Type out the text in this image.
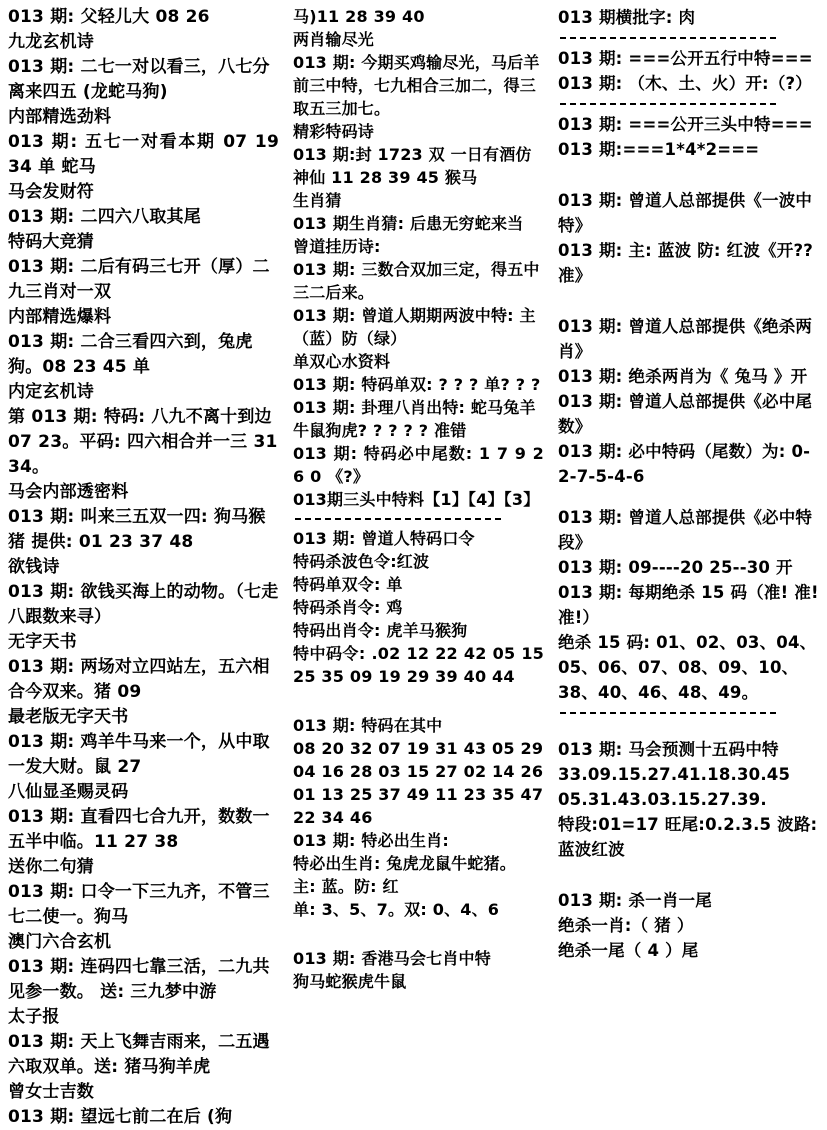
013 期: 父轻儿大 08 26
九龙玄机诗
013 期: 二七一对以看三，八七分离来四五 (龙蛇马狗)
内部精选劲料
013 期: 五七一对看本期 07 19 34 单 蛇马
马会发财符
013 期: 二四六八取其尾
特码大竞猜
013 期: 二后有码三七开（厚）二九三肖对一双
内部精选爆料
013 期: 二合三看四六到，兔虎狗。08 23 45 单
内定玄机诗
第 013 期: 特码: 八九不离十到边 07 23。平码: 四六相合并一三 31 34。
马会内部透密料
013 期: 叫来三五双一四: 狗马猴 猪 提供: 01 23 37 48
欲钱诗
013 期: 欲钱买海上的动物。（七走八跟数来寻）
无字天书
013 期: 两场对立四站左，五六相合今双来。猪 09
最老版无字天书
013 期: 鸡羊牛马来一个，从中取一发大财。鼠 27
八仙显圣赐灵码
013 期: 直看四七合九开，数数一五半中临。11 27 38
送你二句猜
013 期: 口令一下三九齐，不管三七二使一。狗马
澳门六合玄机
013 期: 连码四七靠三活，二九共见参一数。 送: 三九梦中游
太子报
013 期: 天上飞舞吉雨来，二五遇六取双单。送: 猪马狗羊虎
曾女士吉数
013 期: 望远七前二在后 (狗
马)11 28 39 40
两肖输尽光
013 期: 今期买鸡输尽光，马后羊前三中特，七九相合三加二，得三取五三加七。
精彩特码诗
013 期:封 1723 双 一日有酒仿神仙 11 28 39 45 猴马
生肖猜
013 期生肖猜: 后患无穷蛇来当
曾道挂历诗:
013 期: 三数合双加三定，得五中三二后来。
013 期: 曾道人期期两波中特: 主（蓝）防（绿）
单双心水资料
013 期: 特码单双: ? ? ? 单? ? ?
013 期: 卦理八肖出特: 蛇马兔羊牛鼠狗虎? ? ? ? ? 准错
013 期: 特码必中尾数: 1 7 9 2 6 0 《?》
013期三头中特料【1】【4】【3】
013 期: 曾道人特码口令
特码杀波色令:红波
特码单双令: 单
特码杀肖令: 鸡
特码出肖令: 虎羊马猴狗
特中码令: .02 12 22 42 05 15 25 35 09 19 29 39 40 44
013 期: 特码在其中
08 20 32 07 19 31 43 05 29 04 16 28 03 15 27 02 14 26 01 13 25 37 49 11 23 35 47 22 34 46
013 期: 特必出生肖:
特必出生肖: 兔虎龙鼠牛蛇猪。
主: 蓝。防: 红
单: 3、5、7。双: 0、4、6
013 期: 香港马会七肖中特
狗马蛇猴虎牛鼠
013 期横批字: 肉
013 期: ===公开五行中特===
013 期: （木、土、火）开:（?）
013 期: ===公开三头中特===
013 期:===1*4*2===
013 期: 曾道人总部提供《一波中特》
013 期: 主: 蓝波 防: 红波《开??准》
013 期: 曾道人总部提供《绝杀两肖》
013 期: 绝杀两肖为《 兔马 》开
013 期: 曾道人总部提供《必中尾数》
013 期: 必中特码（尾数）为: 0-2-7-5-4-6
013 期: 曾道人总部提供《必中特段》
013 期: 09----20 25--30 开
013 期: 每期绝杀 15 码（准! 准! 准!）
绝杀 15 码: 01、02、03、04、05、06、07、08、09、10、38、40、46、48、49。
013 期: 马会预测十五码中特
33.09.15.27.41.18.30.45
05.31.43.03.15.27.39.
特段:01=17 旺尾:0.2.3.5 波路:蓝波红波
013 期: 杀一肖一尾
绝杀一肖:（ 猪 ）
绝杀一尾（ 4 ）尾
